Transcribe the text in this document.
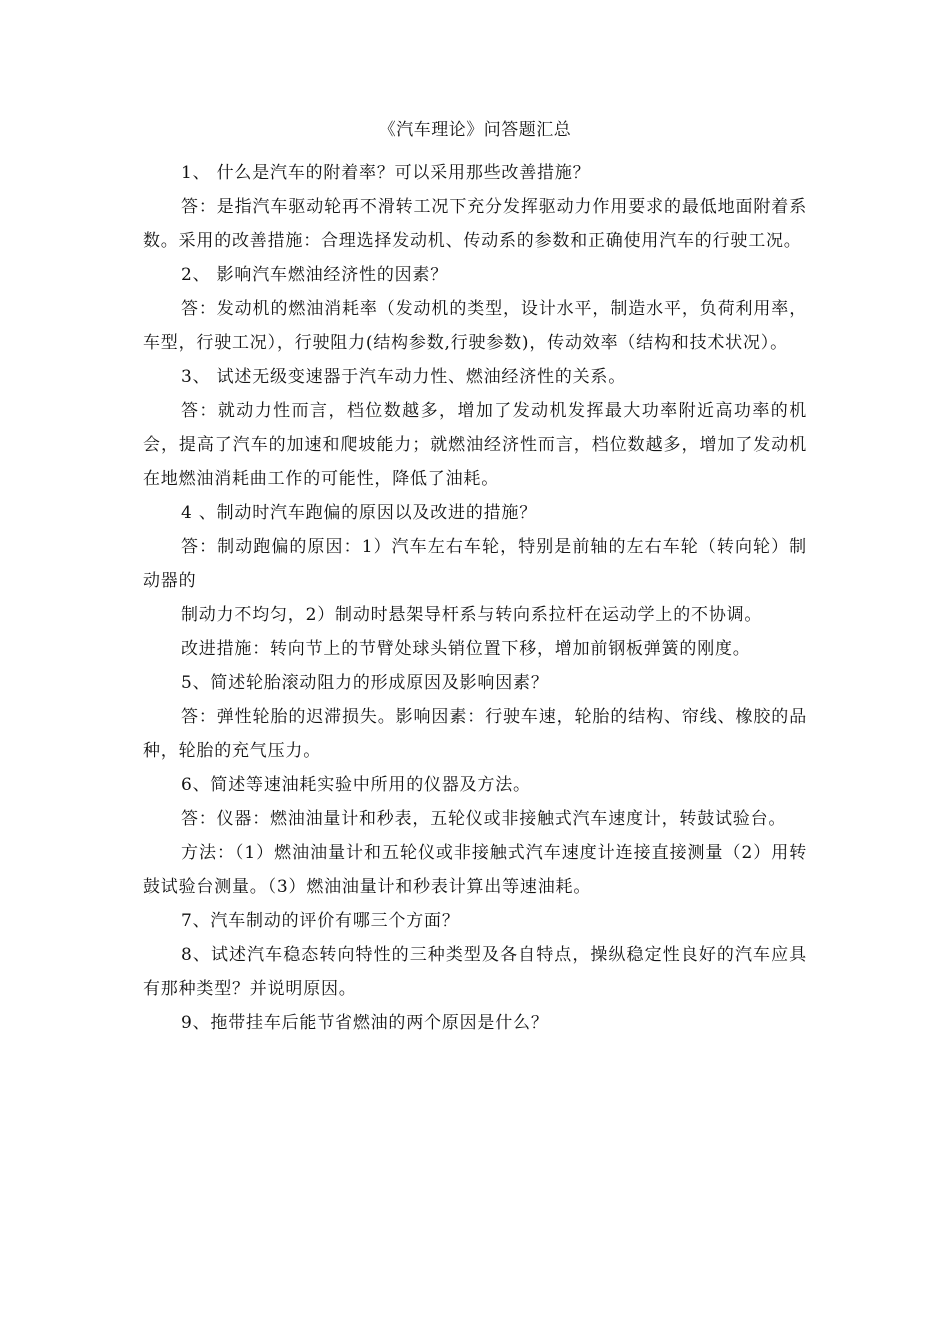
《汽车理论》问答题汇总

1、 什么是汽车的附着率？可以采用那些改善措施？

答：是指汽车驱动轮再不滑转工况下充分发挥驱动力作用要求的最低地面附着系数。采用的改善措施：合理选择发动机、传动系的参数和正确使用汽车的行驶工况。

2、 影响汽车燃油经济性的因素？

答：发动机的燃油消耗率（发动机的类型，设计水平，制造水平，负荷利用率，车型，行驶工况），行驶阻力(结构参数,行驶参数)，传动效率（结构和技术状况）。

3、 试述无级变速器于汽车动力性、燃油经济性的关系。

答：就动力性而言，档位数越多，增加了发动机发挥最大功率附近高功率的机会，提高了汽车的加速和爬坡能力；就燃油经济性而言，档位数越多，增加了发动机在地燃油消耗曲工作的可能性，降低了油耗。

4 、制动时汽车跑偏的原因以及改进的措施？

答：制动跑偏的原因：1）汽车左右车轮，特别是前轴的左右车轮（转向轮）制动器的

制动力不均匀，2）制动时悬架导杆系与转向系拉杆在运动学上的不协调。

改进措施：转向节上的节臂处球头销位置下移，增加前钢板弹簧的刚度。

5、简述轮胎滚动阻力的形成原因及影响因素？

答：弹性轮胎的迟滞损失。影响因素：行驶车速，轮胎的结构、帘线、橡胶的品种，轮胎的充气压力。

6、简述等速油耗实验中所用的仪器及方法。

答：仪器：燃油油量计和秒表，五轮仪或非接触式汽车速度计，转鼓试验台。

方法：（1）燃油油量计和五轮仪或非接触式汽车速度计连接直接测量（2）用转鼓试验台测量。（3）燃油油量计和秒表计算出等速油耗。

7、汽车制动的评价有哪三个方面？

8、试述汽车稳态转向特性的三种类型及各自特点，操纵稳定性良好的汽车应具有那种类型？并说明原因。

9、拖带挂车后能节省燃油的两个原因是什么？
